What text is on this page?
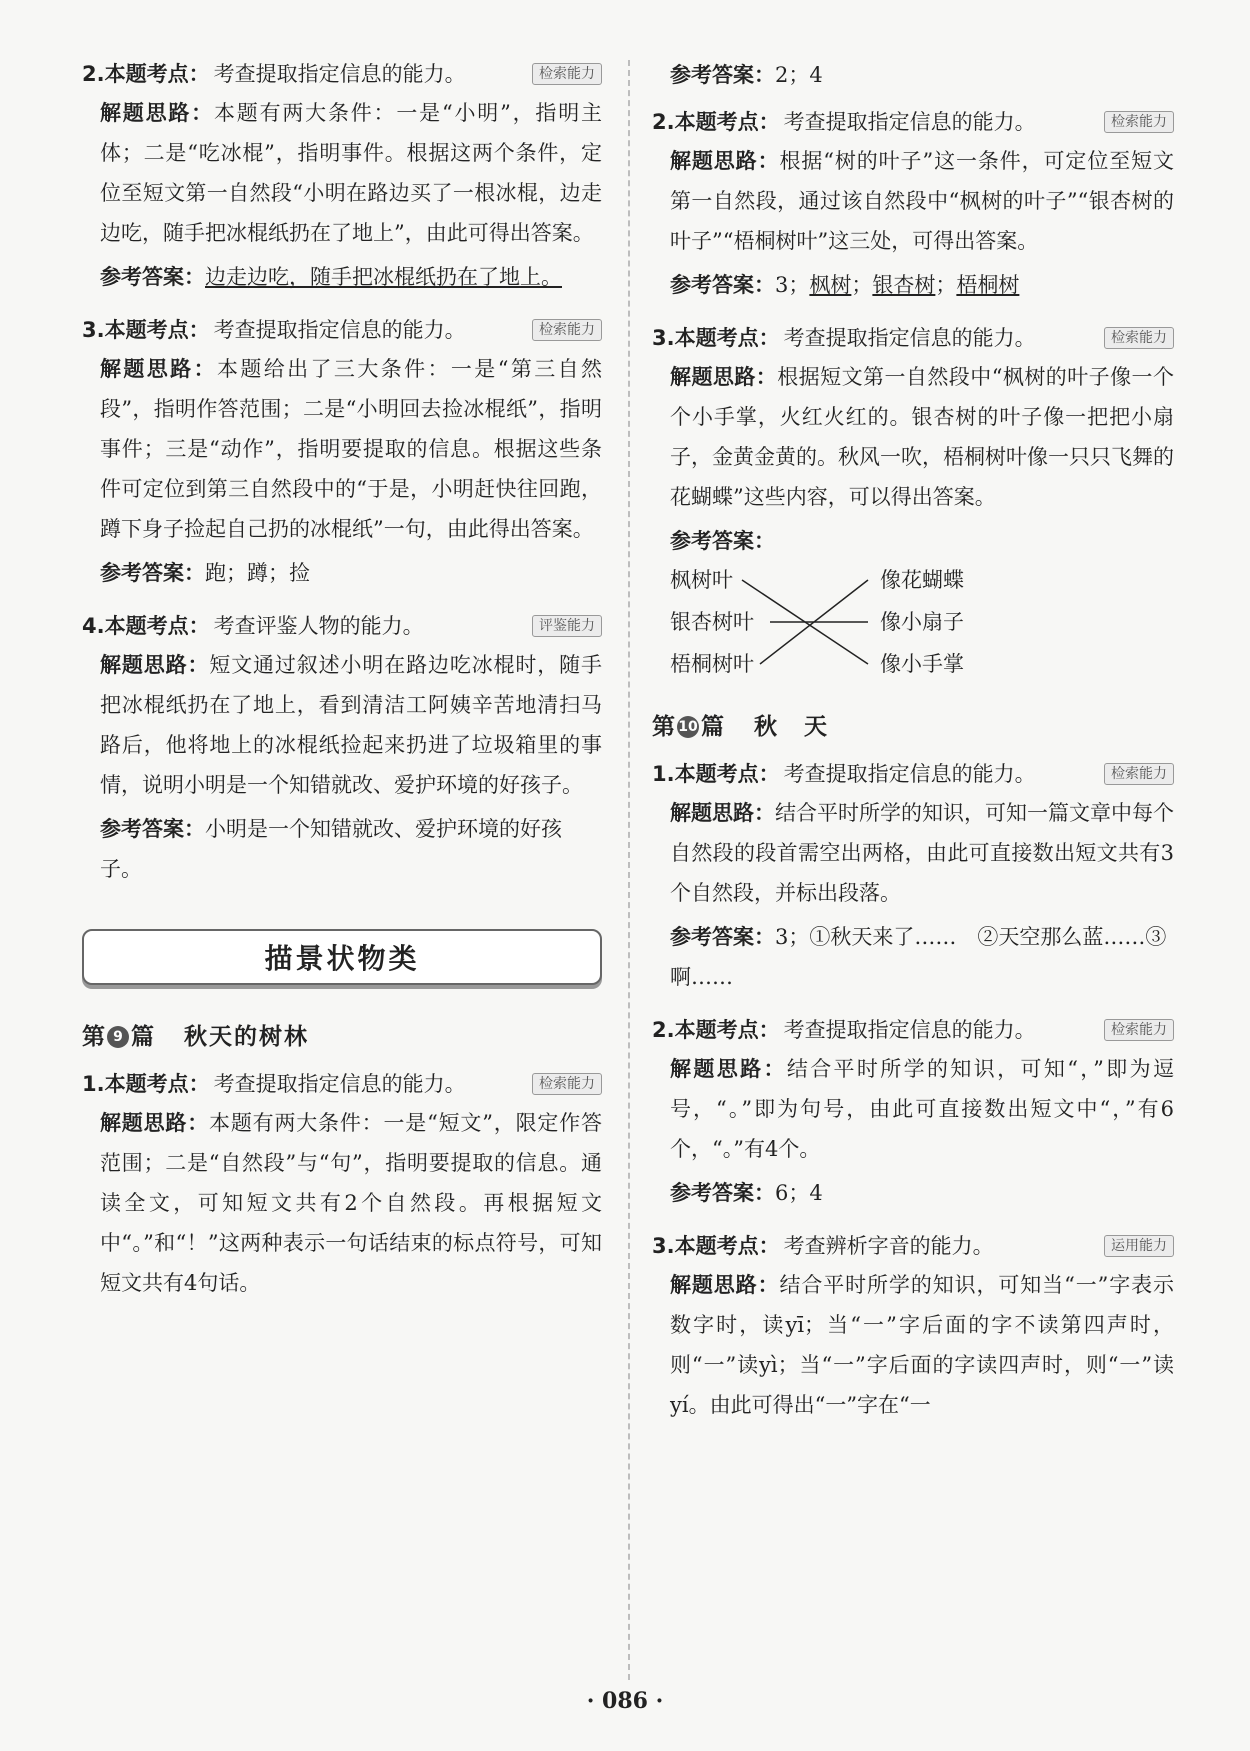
2. 本题考点： 考查提取指定信息的能力。	检索能力
解题思路：本题有两大条件：一是“小明”，指明主体；二是“吃冰棍”，指明事件。根据这两个条件，定位至短文第一自然段“小明在路边买了一根冰棍，边走边吃，随手把冰棍纸扔在了地上”，由此可得出答案。
参考答案：边走边吃，随手把冰棍纸扔在了地上。
3. 本题考点： 考查提取指定信息的能力。	检索能力
解题思路：本题给出了三大条件：一是“第三自然段”，指明作答范围；二是“小明回去捡冰棍纸”，指明事件；三是“动作”，指明要提取的信息。根据这些条件可定位到第三自然段中的“于是，小明赶快往回跑，蹲下身子捡起自己扔的冰棍纸”一句，由此得出答案。
参考答案：跑；蹲；捡
4. 本题考点： 考查评鉴人物的能力。	评鉴能力
解题思路：短文通过叙述小明在路边吃冰棍时，随手把冰棍纸扔在了地上，看到清洁工阿姨辛苦地清扫马路后，他将地上的冰棍纸捡起来扔进了垃圾箱里的事情，说明小明是一个知错就改、爱护环境的好孩子。
参考答案：小明是一个知错就改、爱护环境的好孩子。
描景状物类
第 9 篇 秋天的树林
1. 本题考点： 考查提取指定信息的能力。	检索能力
解题思路：本题有两大条件：一是“短文”，限定作答范围；二是“自然段”与“句”，指明要提取的信息。通读全文，可知短文共有2个自然段。再根据短文中“。”和“！”这两种表示一句话结束的标点符号，可知短文共有4句话。
参考答案：2；4
2. 本题考点： 考查提取指定信息的能力。	检索能力
解题思路：根据“树的叶子”这一条件，可定位至短文第一自然段，通过该自然段中“枫树的叶子”“银杏树的叶子”“梧桐树叶”这三处，可得出答案。
参考答案：3；枫树；银杏树；梧桐树
3. 本题考点： 考查提取指定信息的能力。	检索能力
解题思路：根据短文第一自然段中“枫树的叶子像一个个小手掌，火红火红的。银杏树的叶子像一把把小扇子，金黄金黄的。秋风一吹，梧桐树叶像一只只飞舞的花蝴蝶”这些内容，可以得出答案。
参考答案：
枫树叶
银杏树叶
梧桐树叶
像花蝴蝶
像小扇子
像小手掌
第 10 篇 秋　天
1. 本题考点： 考查提取指定信息的能力。	检索能力
解题思路：结合平时所学的知识，可知一篇文章中每个自然段的段首需空出两格，由此可直接数出短文共有3个自然段，并标出段落。
参考答案：3；①秋天来了……　②天空那么蓝……③啊……
2. 本题考点： 考查提取指定信息的能力。	检索能力
解题思路：结合平时所学的知识，可知“，”即为逗号，“。”即为句号，由此可直接数出短文中“，”有6个，“。”有4个。
参考答案：6；4
3. 本题考点： 考查辨析字音的能力。	运用能力
解题思路：结合平时所学的知识，可知当“一”字表示数字时，读yī；当“一”字后面的字不读第四声时，则“一”读yì；当“一”字后面的字读四声时，则“一”读yí。由此可得出“一”字在“一
· 086 ·
